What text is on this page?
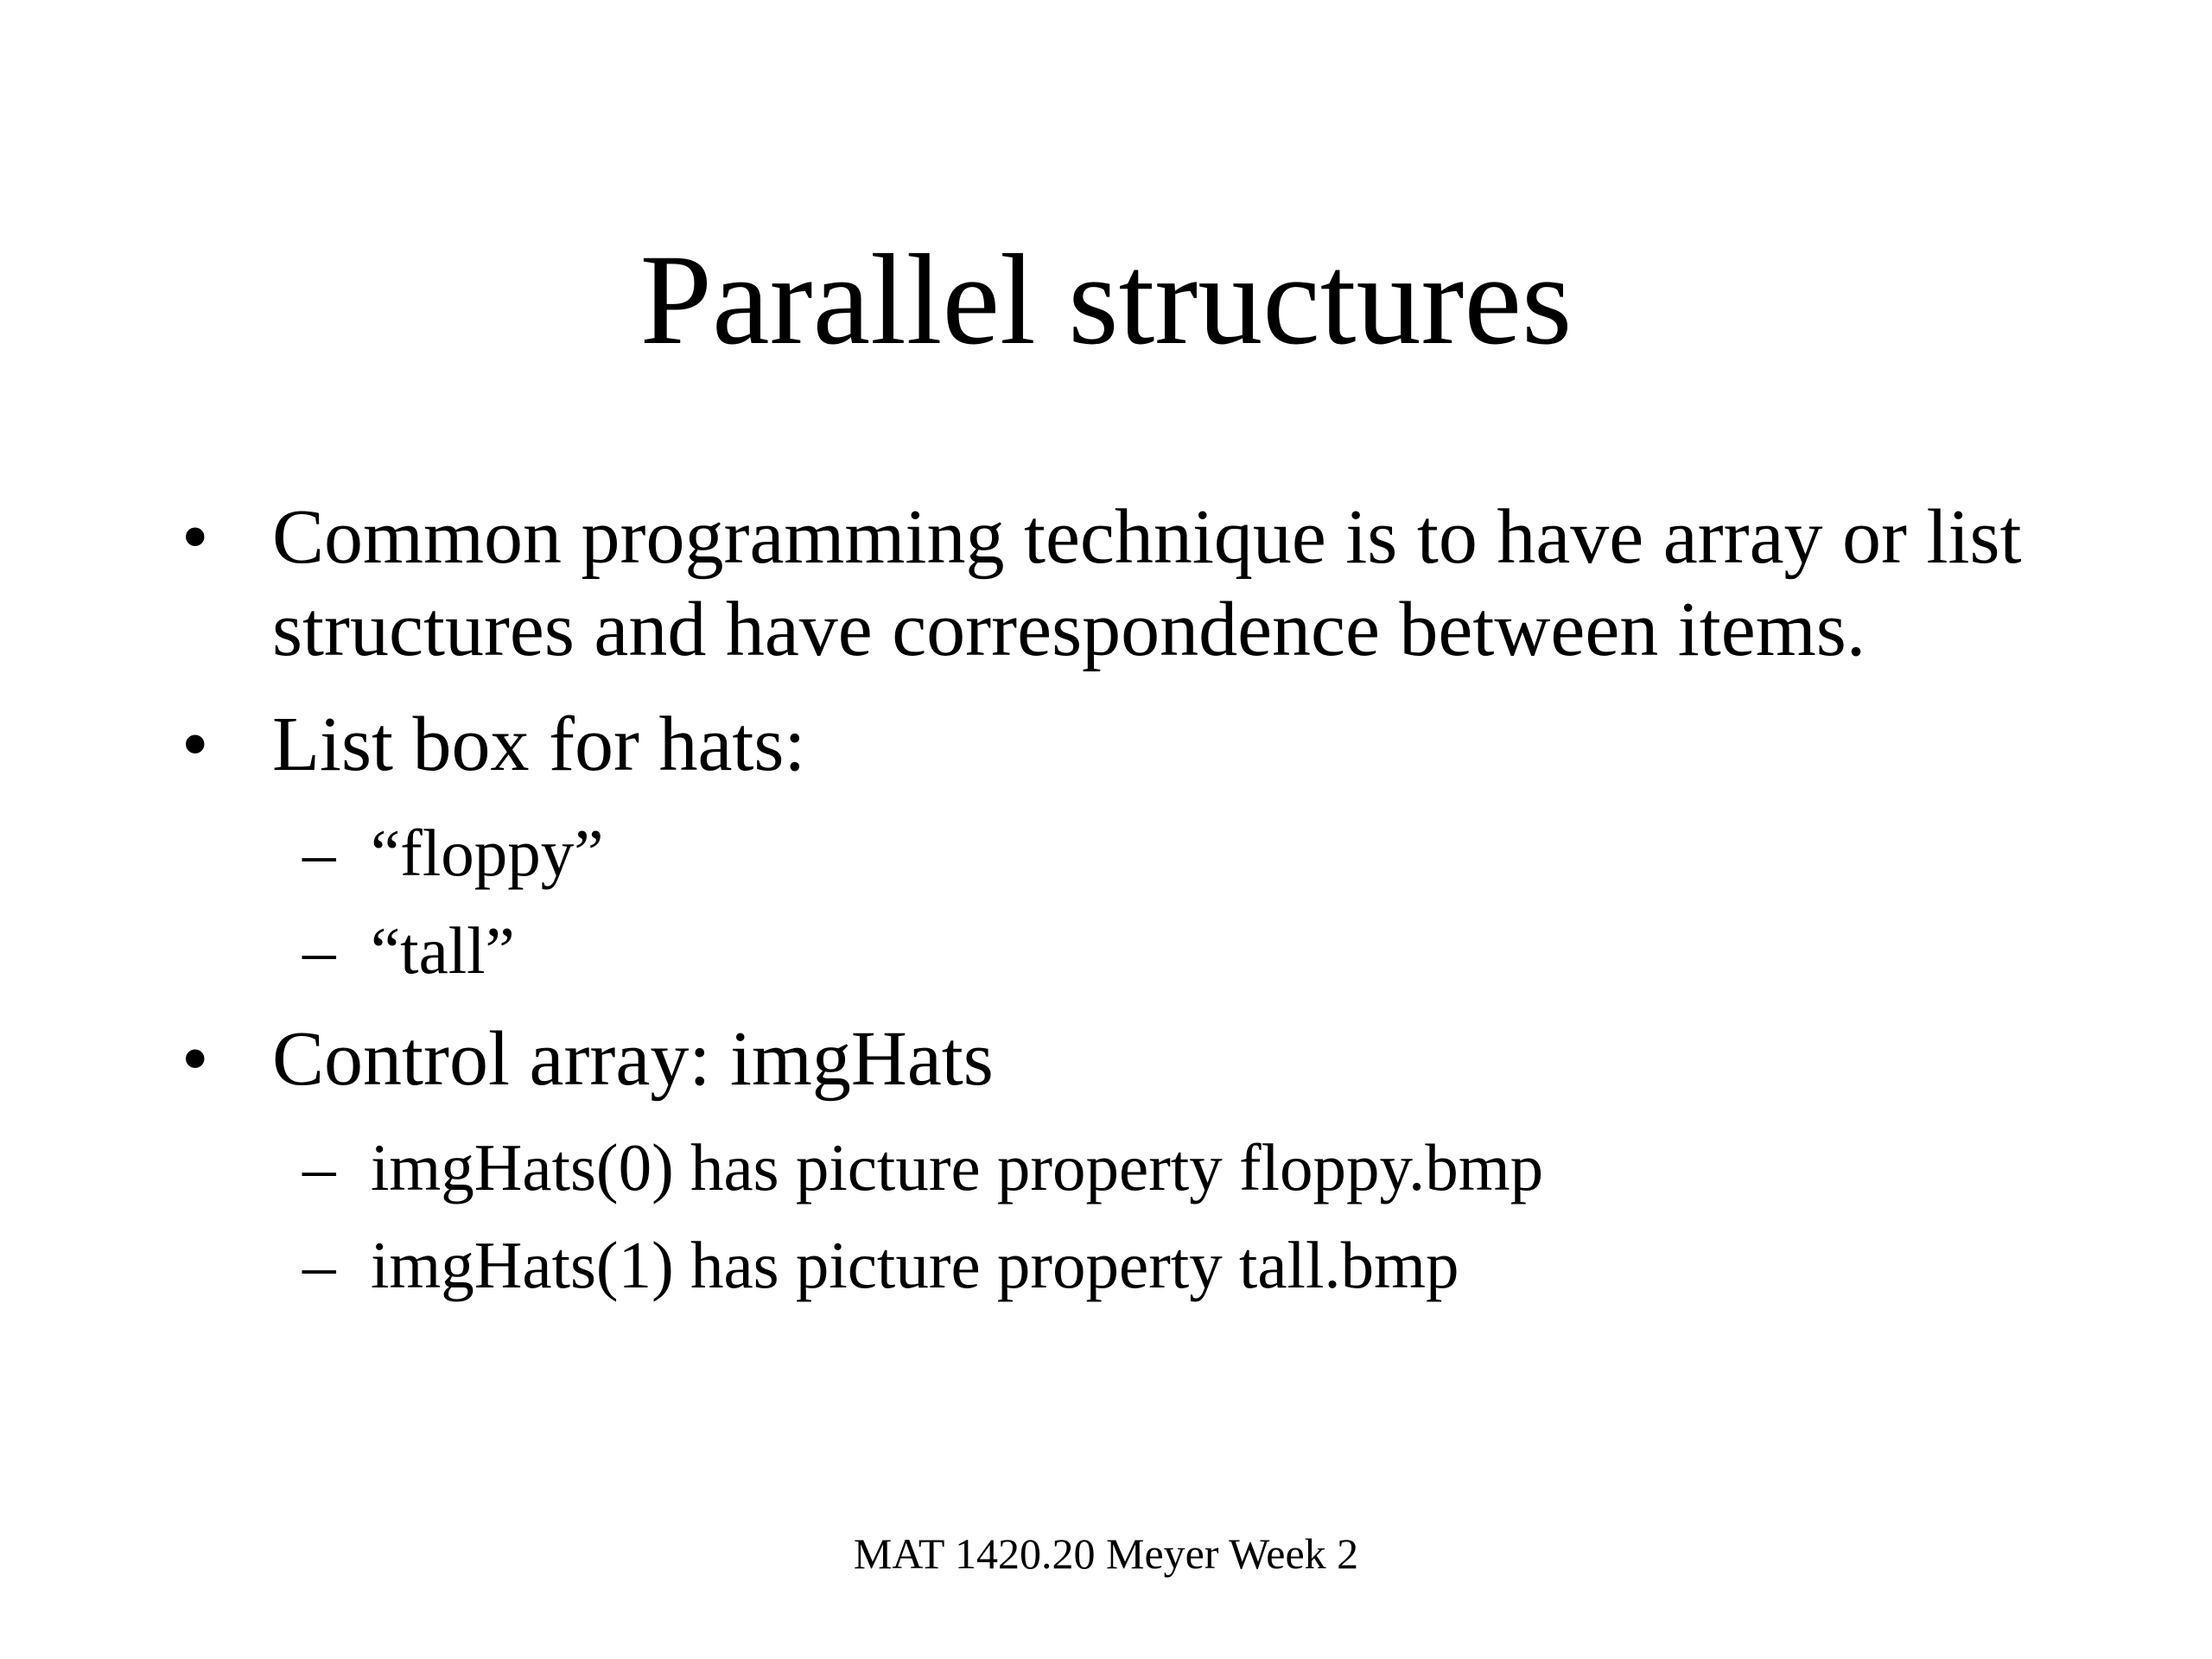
Parallel structures
• Common programming technique is to have array or list structures and have correspondence between items.
• List box for hats:
– “floppy”
– “tall”
• Control array: imgHats
– imgHats(0) has picture property floppy.bmp
– imgHats(1) has picture property tall.bmp
MAT 1420.20 Meyer Week 2
